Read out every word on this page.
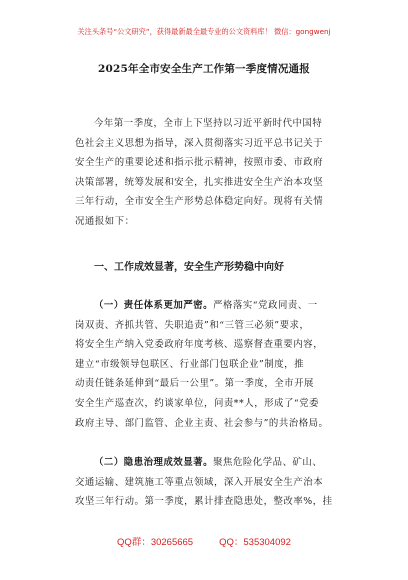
关注头条号“公文研究”，获得最新最全最专业的公文资料库！ 微信：gongwenj
2025年全市安全生产工作第一季度情况通报

今年第一季度，全市上下坚持以习近平新时代中国特
色社会主义思想为指导，深入贯彻落实习近平总书记关于
安全生产的重要论述和指示批示精神，按照市委、市政府
决策部署，统筹发展和安全，扎实推进安全生产治本攻坚
三年行动，全市安全生产形势总体稳定向好。现将有关情
况通报如下：

一、工作成效显著，安全生产形势稳中向好

（一）责任体系更加严密。严格落实“党政同责、一
岗双责、齐抓共管、失职追责”和“三管三必须”要求，
将安全生产纳入党委政府年度考核、巡察督查重要内容，
建立“市级领导包联区、行业部门包联企业”制度，推
动责任链条延伸到“最后一公里”。第一季度，全市开展
安全生产巡查次，约谈家单位，问责**人，形成了“党委
政府主导、部门监管、企业主责、社会参与”的共治格局。

（二）隐患治理成效显著。聚焦危险化学品、矿山、
交通运输、建筑施工等重点领域，深入开展安全生产治本
攻坚三年行动。第一季度，累计排查隐患处，整改率%，挂

QQ群：30265665	QQ：535304092
